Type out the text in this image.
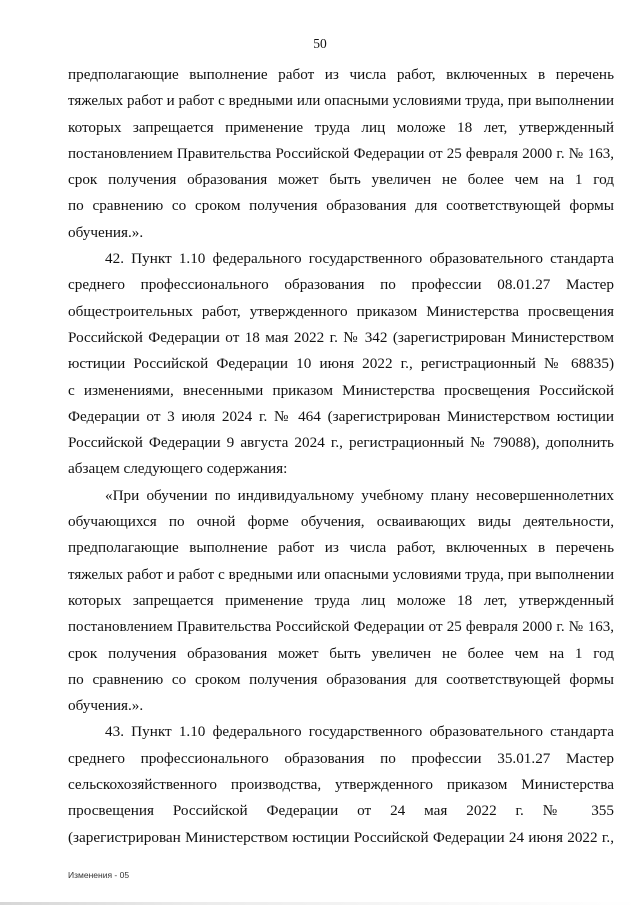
50
предполагающие выполнение работ из числа работ, включенных в перечень
тяжелых работ и работ с вредными или опасными условиями труда, при выполнении
которых запрещается применение труда лиц моложе 18 лет, утвержденный
постановлением Правительства Российской Федерации от 25 февраля 2000 г. № 163,
срок получения образования может быть увеличен не более чем на 1 год
по сравнению со сроком получения образования для соответствующей формы
обучения.».
42. Пункт 1.10 федерального государственного образовательного стандарта
среднего профессионального образования по профессии 08.01.27 Мастер
общестроительных работ, утвержденного приказом Министерства просвещения
Российской Федерации от 18 мая 2022 г. № 342 (зарегистрирован Министерством
юстиции Российской Федерации 10 июня 2022 г., регистрационный № 68835)
с изменениями, внесенными приказом Министерства просвещения Российской
Федерации от 3 июля 2024 г. № 464 (зарегистрирован Министерством юстиции
Российской Федерации 9 августа 2024 г., регистрационный № 79088), дополнить
абзацем следующего содержания:
«При обучении по индивидуальному учебному плану несовершеннолетних
обучающихся по очной форме обучения, осваивающих виды деятельности,
предполагающие выполнение работ из числа работ, включенных в перечень
тяжелых работ и работ с вредными или опасными условиями труда, при выполнении
которых запрещается применение труда лиц моложе 18 лет, утвержденный
постановлением Правительства Российской Федерации от 25 февраля 2000 г. № 163,
срок получения образования может быть увеличен не более чем на 1 год
по сравнению со сроком получения образования для соответствующей формы
обучения.».
43. Пункт 1.10 федерального государственного образовательного стандарта
среднего профессионального образования по профессии 35.01.27 Мастер
сельскохозяйственного производства, утвержденного приказом Министерства
просвещения Российской Федерации от 24 мая 2022 г. № 355
(зарегистрирован Министерством юстиции Российской Федерации 24 июня 2022 г.,
Изменения - 05
